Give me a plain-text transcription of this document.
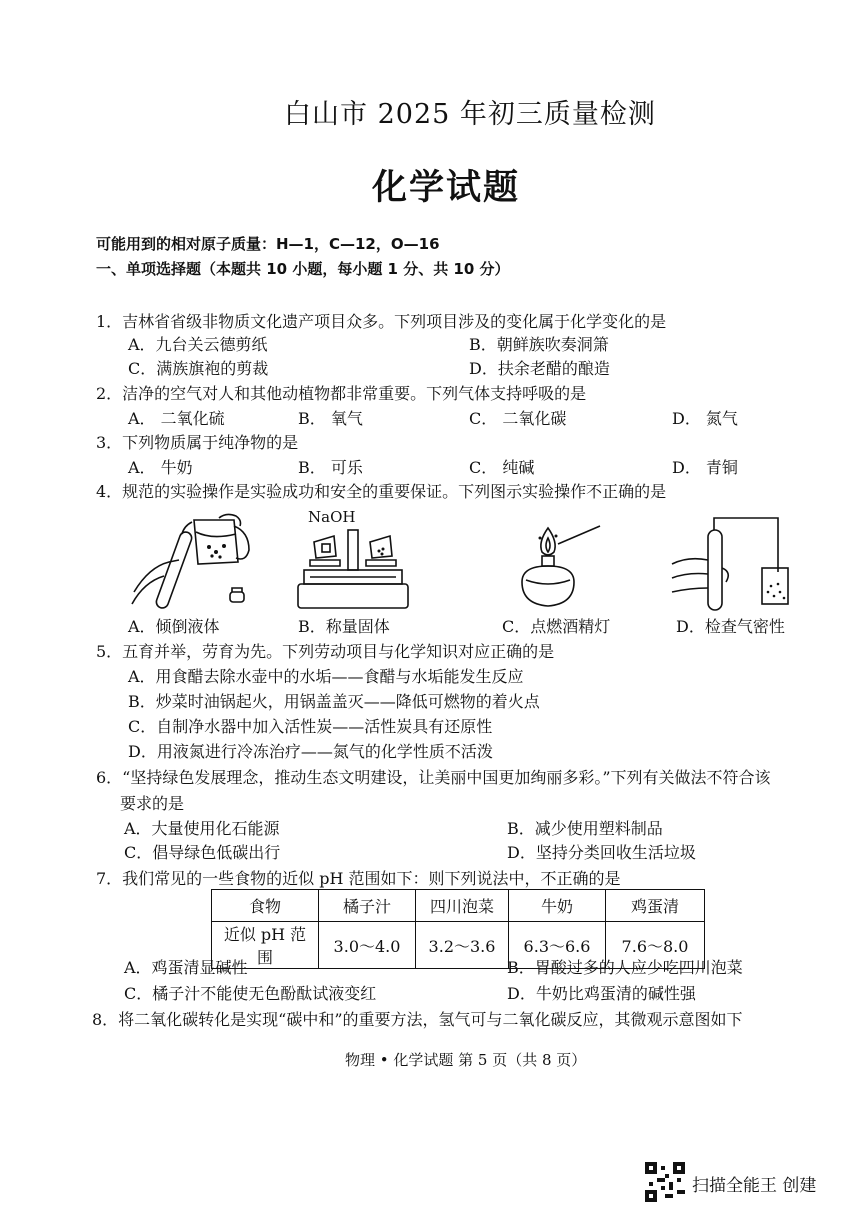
白山市 2025 年初三质量检测
化学试题
可能用到的相对原子质量：H—1，C—12，O—16
一、单项选择题（本题共 10 小题，每小题 1 分、共 10 分）
1．吉林省省级非物质文化遗产项目众多。下列项目涉及的变化属于化学变化的是
A．九台关云德剪纸	B．朝鲜族吹奏洞箫
C．满族旗袍的剪裁	D．扶余老醋的酿造
2．洁净的空气对人和其他动植物都非常重要。下列气体支持呼吸的是
A． 二氧化硫	B． 氧气	C． 二氧化碳	D． 氮气
3．下列物质属于纯净物的是
A． 牛奶	B． 可乐	C． 纯碱	D． 青铜
4．规范的实验操作是实验成功和安全的重要保证。下列图示实验操作不正确的是
NaOH
A．倾倒液体	B．称量固体	C．点燃酒精灯	D．检查气密性
5．五育并举，劳育为先。下列劳动项目与化学知识对应正确的是
A．用食醋去除水壶中的水垢——食醋与水垢能发生反应
B．炒菜时油锅起火，用锅盖盖灭——降低可燃物的着火点
C．自制净水器中加入活性炭——活性炭具有还原性
D．用液氮进行冷冻治疗——氮气的化学性质不活泼
6．“坚持绿色发展理念，推动生态文明建设，让美丽中国更加绚丽多彩。”下列有关做法不符合该
要求的是
A．大量使用化石能源	B．减少使用塑料制品
C．倡导绿色低碳出行	D．坚持分类回收生活垃圾
7．我们常见的一些食物的近似 pH 范围如下：则下列说法中，不正确的是
食物	橘子汁	四川泡菜	牛奶	鸡蛋清
近似 pH 范围	3.0～4.0	3.2～3.6	6.3～6.6	7.6～8.0
A．鸡蛋清显碱性	B．胃酸过多的人应少吃四川泡菜
C．橘子汁不能使无色酚酞试液变红	D．牛奶比鸡蛋清的碱性强
8．将二氧化碳转化是实现“碳中和”的重要方法，氢气可与二氧化碳反应，其微观示意图如下
物理 • 化学试题 第 5 页（共 8 页）
扫描全能王 创建
